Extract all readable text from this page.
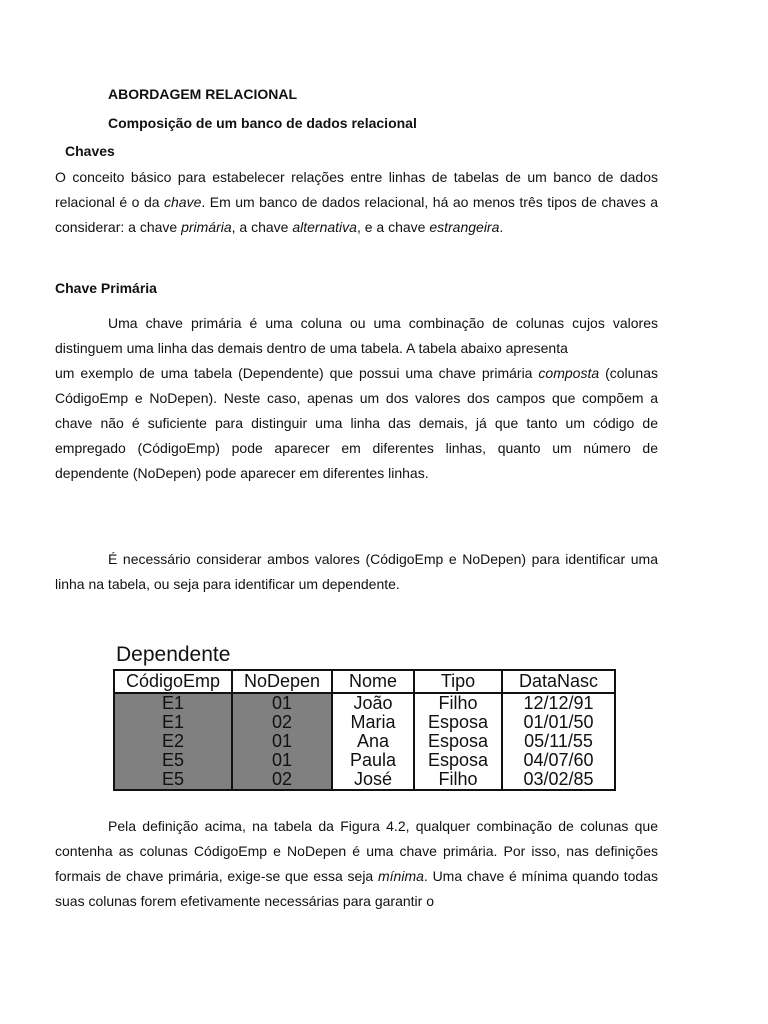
ABORDAGEM RELACIONAL
Composição de um banco de dados relacional
Chaves

O conceito básico para estabelecer relações entre linhas de tabelas de um banco de dados relacional é o da chave. Em um banco de dados relacional, há ao menos três tipos de chaves a considerar: a chave primária, a chave alternativa, e a chave estrangeira.

Chave Primária

Uma chave primária é uma coluna ou uma combinação de colunas cujos valores distinguem uma linha das demais dentro de uma tabela. A tabela abaixo apresenta

um exemplo de uma tabela (Dependente) que possui uma chave primária composta (colunas CódigoEmp e NoDepen). Neste caso, apenas um dos valores dos campos que compõem a chave não é suficiente para distinguir uma linha das demais, já que tanto um código de empregado (CódigoEmp) pode aparecer em diferentes linhas, quanto um número de dependente (NoDepen) pode aparecer em diferentes linhas.

É necessário considerar ambos valores (CódigoEmp e NoDepen) para identificar uma linha na tabela, ou seja para identificar um dependente.

Dependente
CódigoEmp	NoDepen	Nome	Tipo	DataNasc
E1	01	João	Filho	12/12/91
E1	02	Maria	Esposa	01/01/50
E2	01	Ana	Esposa	05/11/55
E5	01	Paula	Esposa	04/07/60
E5	02	José	Filho	03/02/85

Pela definição acima, na tabela da Figura 4.2, qualquer combinação de colunas que contenha as colunas CódigoEmp e NoDepen é uma chave primária. Por isso, nas definições formais de chave primária, exige-se que essa seja mínima. Uma chave é mínima quando todas suas colunas forem efetivamente necessárias para garantir o
